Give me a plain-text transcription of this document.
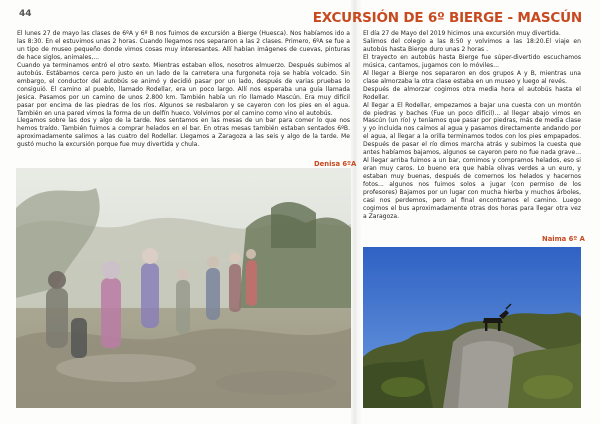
44	EXCURSIÓN DE 6º BIERGE - MASCÚN

El lunes 27 de mayo las clases de 6ºA y 6º B nos fuimos de excursión a Bierge (Huesca). Nos habíamos ido a las 8:30. En el estuvimos unas 2 horas. Cuando llegamos nos separaron a las 2 clases. Primero, 6ºA se fue a un tipo de museo pequeño donde vimos cosas muy interesantes. Allí habían imágenes de cuevas, pinturas de hace siglos, animales,...

Cuando ya terminamos entró el otro sexto. Mientras estaban ellos, nosotros almuerzo. Después subimos al autobús. Estábamos cerca pero justo en un lado de la carretera una furgoneta roja se había volcado. Sin embargo, el conductor del autobús se animó y decidió pasar por un lado, después de varias pruebas lo consiguió. El camino al pueblo, llamado Rodellar, era un poco largo. Allí nos esperaba una guía llamada Jesica. Pasamos por un camino de unos 2.800 km. También había un río llamado Mascún. Era muy difícil pasar por encima de las piedras de los ríos. Algunos se resbalaron y se cayeron con los pies en el agua. También en una pared vimos la forma de un delfín hueco. Volvimos por el camino como vino el autobús.

Llegamos sobre las dos y algo de la tarde. Nos sentamos en las mesas de un bar para comer lo que nos hemos traído. También fuimos a comprar helados en el bar. En otras mesas también estaban sentados 6ºB. aproximadamente salimos a las cuatro del Rodellar. Llegamos a Zaragoza a las seis y algo de la tarde. Me gustó mucho la excursión porque fue muy divertida y chula.

Denisa 6ºA

El día 27 de Mayo del 2019 hicimos una excursión muy divertida.

Salimos del colegio a las 8:50 y volvimos a las 18:20.El viaje en autobús hasta Bierge duro unas 2 horas .

El trayecto en autobús hasta Bierge fue súper-divertido escuchamos música, cantamos, jugamos con lo móviles...

Al llegar a Bierge nos separaron en dos grupos A y B, mientras una clase almorzaba la otra clase estaba en un museo y luego al revés.

Después de almorzar cogimos otra media hora el autobús hasta el Rodellar.

Al llegar a El Rodellar, empezamos a bajar una cuesta con un montón de piedras y baches (Fue un poco difícil)... al llegar abajo vimos en Mascún (un río) y teníamos que pasar por piedras, más de media clase y yo incluida nos caímos al agua y pasamos directamente andando por el agua, al llegar a la orilla terminamos todos con los pies empapados. Después de pasar el río dimos marcha atrás y subimos la cuesta que antes habíamos bajamos, algunos se cayeron pero no fue nada grave... Al llegar arriba fuimos a un bar, comimos y compramos helados, eso si eran muy caros. Lo bueno era que había olivas verdes a un euro, y estaban muy buenas, después de comernos los helados y hacernos fotos... algunos nos fuimos solos a jugar (con permiso de los profesores) Bajamos por un lugar con mucha hierba y muchos árboles, casi nos perdemos, pero al final encontramos el camino. Luego cogimos el bus aproximadamente otras dos horas para llegar otra vez a Zaragoza.

Naima 6º A
